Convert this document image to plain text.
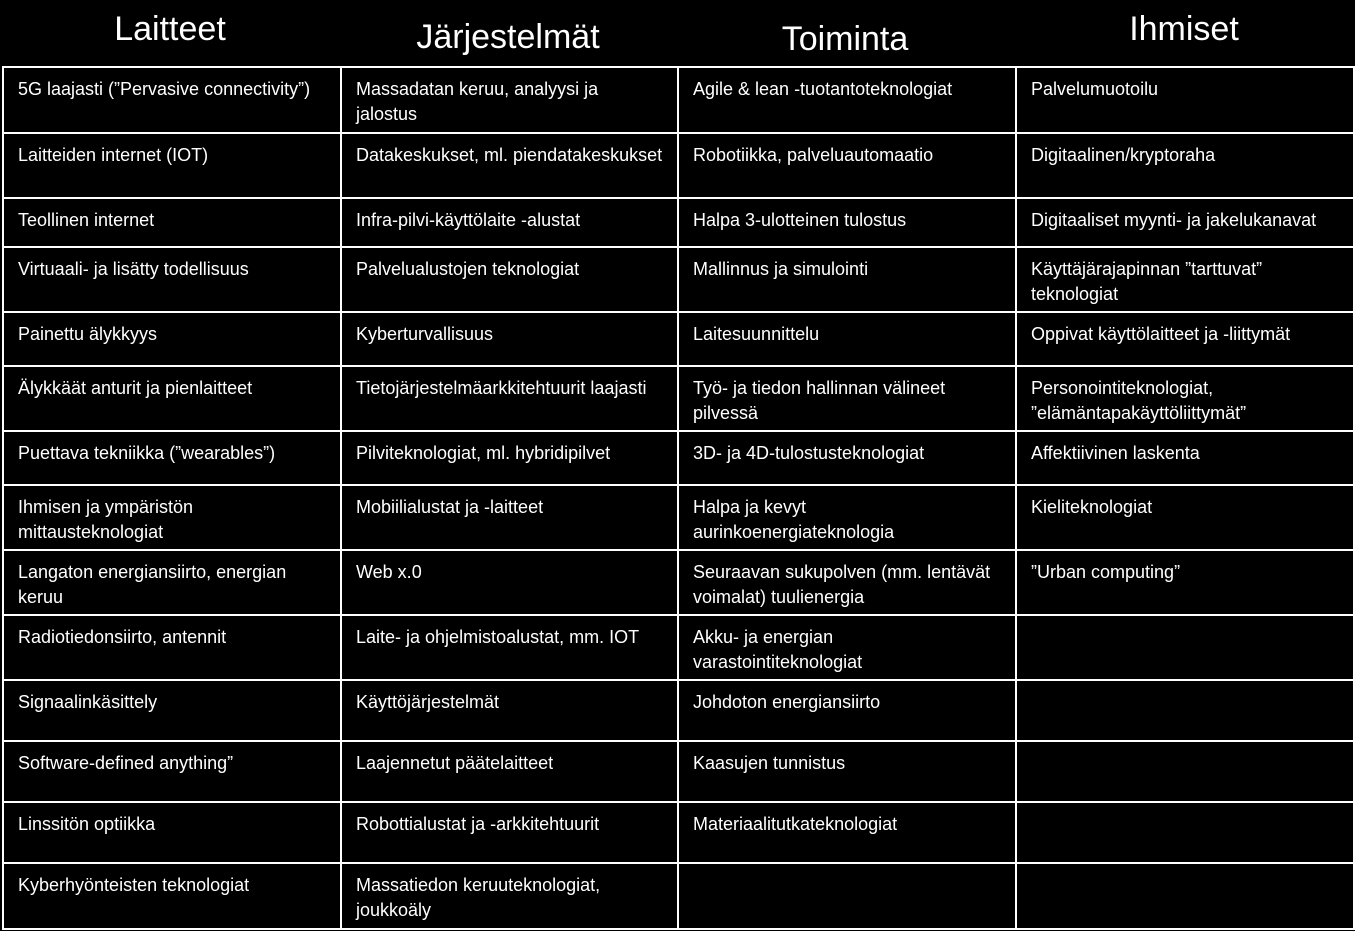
Laitteet	Järjestelmät	Toiminta	Ihmiset
5G laajasti (”Pervasive connectivity”)	Massadatan keruu, analyysi ja jalostus	Agile & lean -tuotantoteknologiat	Palvelumuotoilu
Laitteiden internet (IOT)	Datakeskukset, ml. piendatakeskukset	Robotiikka, palveluautomaatio	Digitaalinen/kryptoraha
Teollinen internet	Infra-pilvi-käyttölaite -alustat	Halpa 3-ulotteinen tulostus	Digitaaliset myynti- ja jakelukanavat
Virtuaali- ja lisätty todellisuus	Palvelualustojen teknologiat	Mallinnus ja simulointi	Käyttäjärajapinnan ”tarttuvat” teknologiat
Painettu älykkyys	Kyberturvallisuus	Laitesuunnittelu	Oppivat käyttölaitteet ja -liittymät
Älykkäät anturit ja pienlaitteet	Tietojärjestelmäarkkitehtuurit laajasti	Työ- ja tiedon hallinnan välineet pilvessä	Personointiteknologiat, ”elämäntapakäyttöliittymät”
Puettava tekniikka (”wearables”)	Pilviteknologiat, ml. hybridipilvet	3D- ja 4D-tulostusteknologiat	Affektiivinen laskenta
Ihmisen ja ympäristön mittausteknologiat	Mobiilialustat ja -laitteet	Halpa ja kevyt aurinkoenergiateknologia	Kieliteknologiat
Langaton energiansiirto, energian keruu	Web x.0	Seuraavan sukupolven (mm. lentävät voimalat) tuulienergia	”Urban computing”
Radiotiedonsiirto, antennit	Laite- ja ohjelmistoalustat, mm. IOT	Akku- ja energian varastointiteknologiat	
Signaalinkäsittely	Käyttöjärjestelmät	Johdoton energiansiirto	
Software-defined anything”	Laajennetut päätelaitteet	Kaasujen tunnistus	
Linssitön optiikka	Robottialustat ja -arkkitehtuurit	Materiaalitutkateknologiat	
Kyberhyönteisten teknologiat	Massatiedon keruuteknologiat, joukkoäly		
